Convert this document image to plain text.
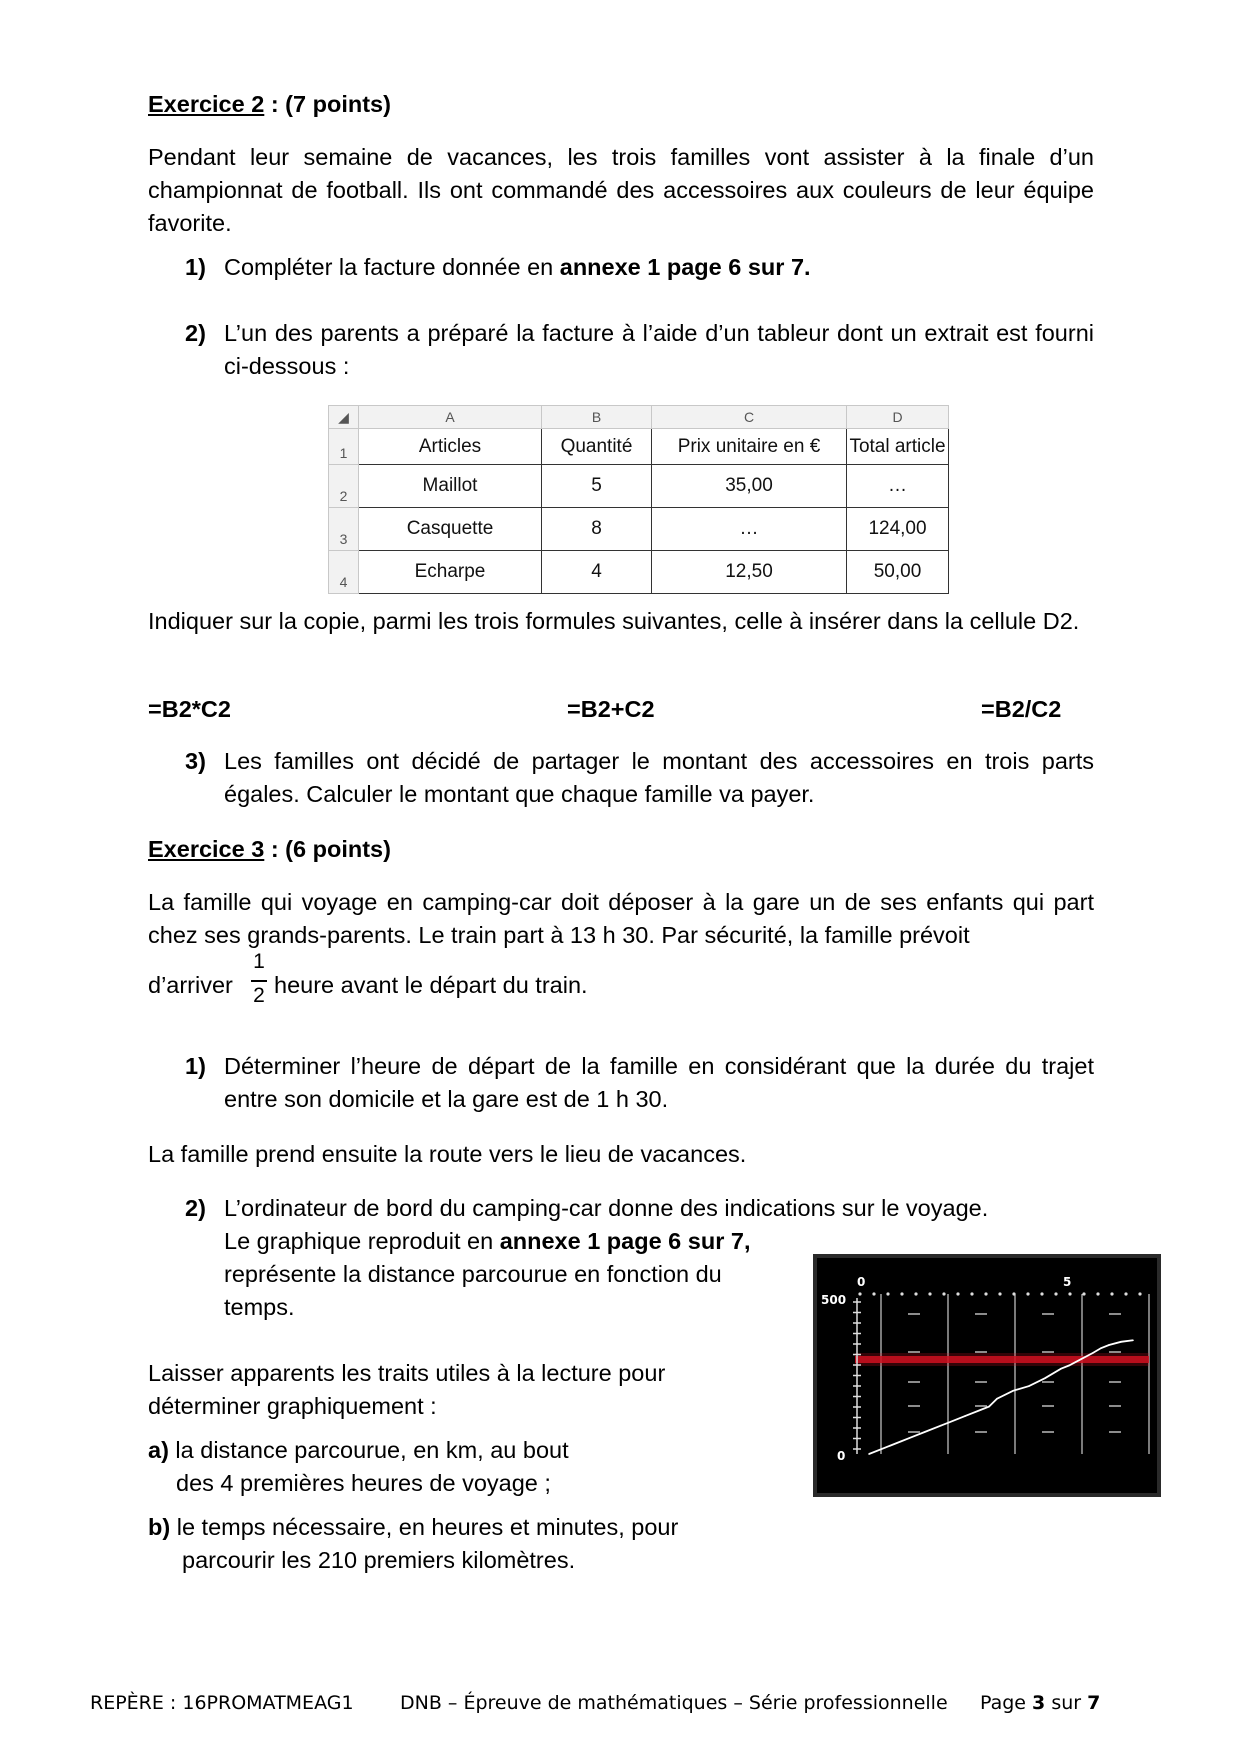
Exercice 2 : (7 points)
Pendant leur semaine de vacances, les trois familles vont assister à la finale d’un championnat de football. Ils ont commandé des accessoires aux couleurs de leur équipe favorite.
1) Compléter la facture donnée en annexe 1 page 6 sur 7.
2) L’un des parents a préparé la facture à l’aide d’un tableur dont un extrait est fourni ci-dessous :
◢	A	B	C	D
1	Articles	Quantité	Prix unitaire en €	Total article
2	Maillot	5	35,00	…
3	Casquette	8	…	124,00
4	Echarpe	4	12,50	50,00
Indiquer sur la copie, parmi les trois formules suivantes, celle à insérer dans la cellule D2.
=B2*C2	=B2+C2	=B2/C2
3) Les familles ont décidé de partager le montant des accessoires en trois parts égales. Calculer le montant que chaque famille va payer.
Exercice 3 : (6 points)
La famille qui voyage en camping-car doit déposer à la gare un de ses enfants qui part chez ses grands-parents. Le train part à 13 h 30. Par sécurité, la famille prévoit
d’arriver
1
2 heure avant le départ du train.
1) Déterminer l’heure de départ de la famille en considérant que la durée du trajet entre son domicile et la gare est de 1 h 30.
La famille prend ensuite la route vers le lieu de vacances.
2) L’ordinateur de bord du camping-car donne des indications sur le voyage.
Le graphique reproduit en annexe 1 page 6 sur 7,
représente la distance parcourue en fonction du temps.
Laisser apparents les traits utiles à la lecture pour déterminer graphiquement :
a) la distance parcourue, en km, au bout
des 4 premières heures de voyage ;
b) le temps nécessaire, en heures et minutes, pour
parcourir les 210 premiers kilomètres.
0	5
500
0
REPÈRE : 16PROMATMEAG1 DNB – Épreuve de mathématiques – Série professionnelle Page 3 sur 7
